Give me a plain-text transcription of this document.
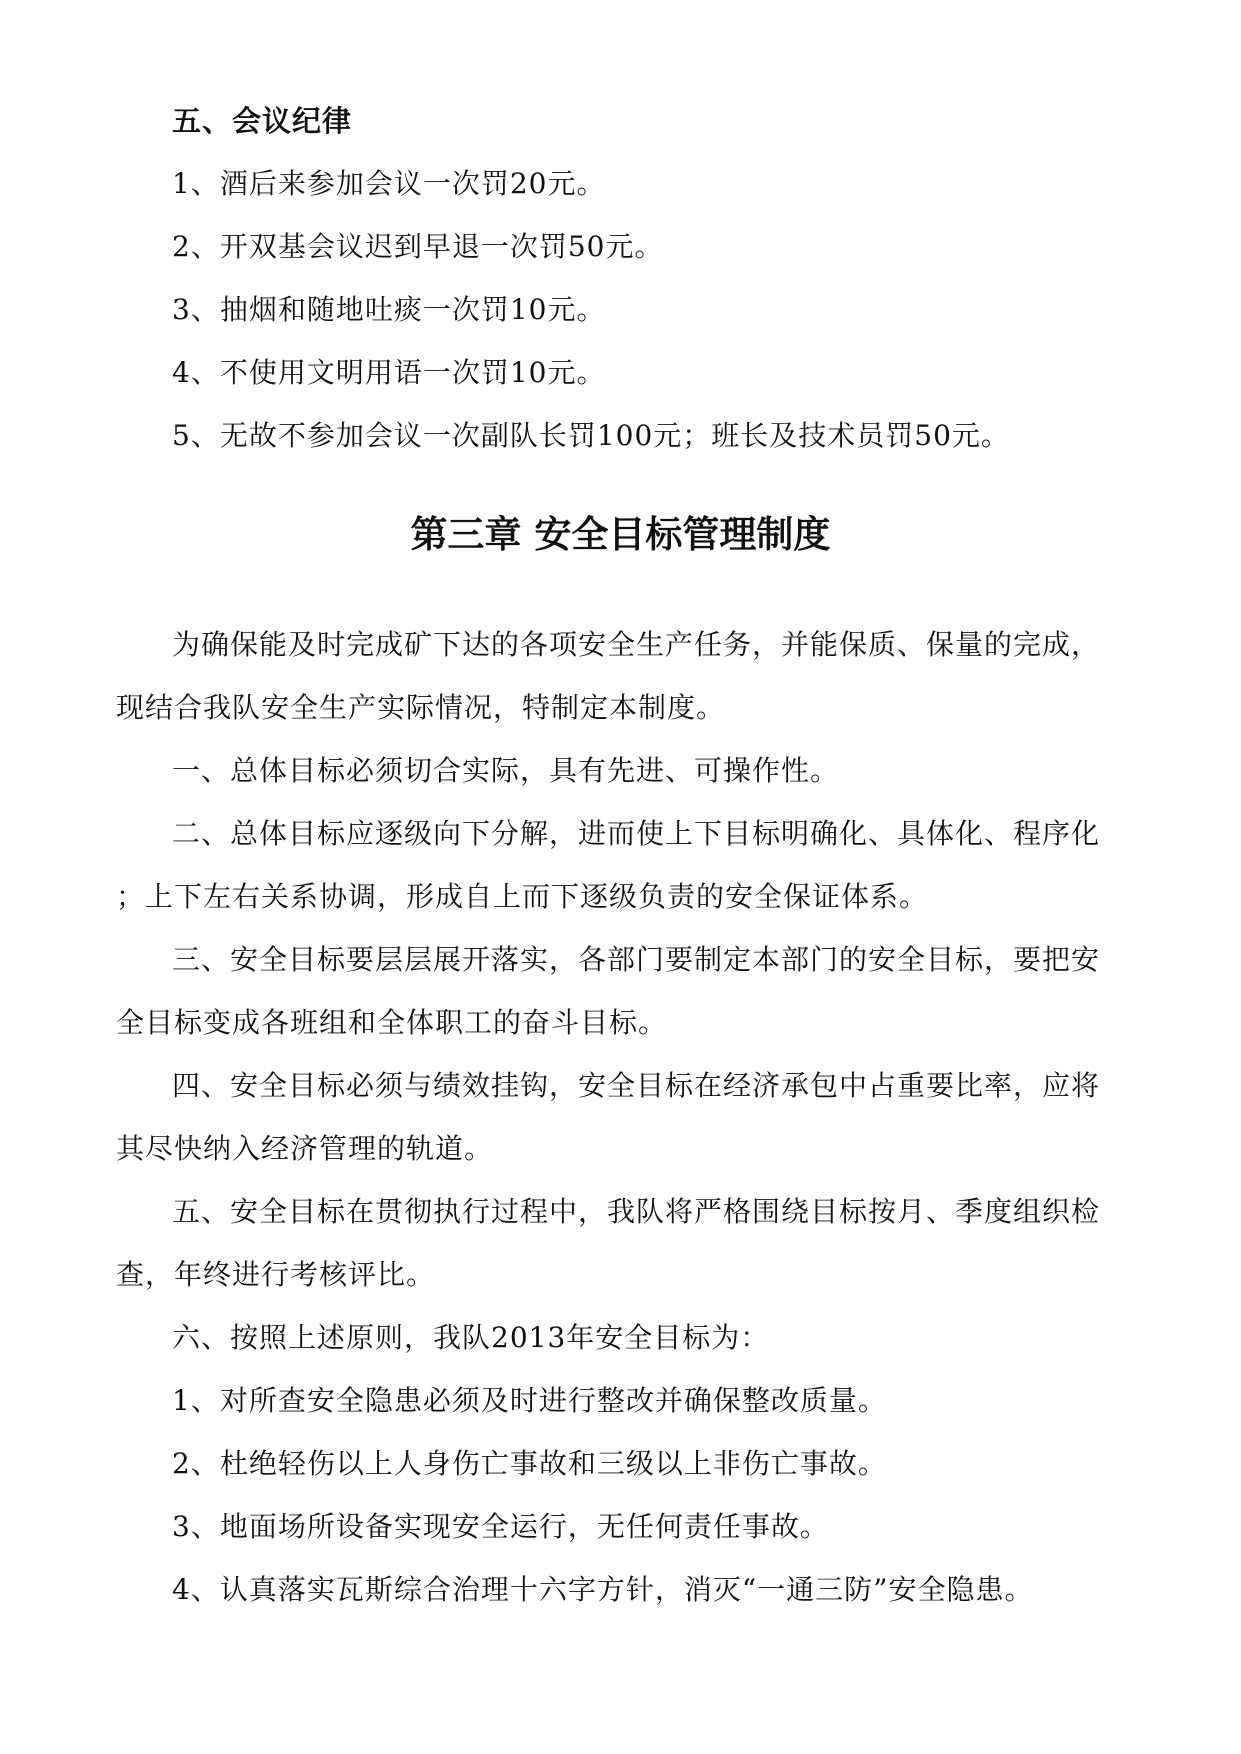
五、会议纪律
1、酒后来参加会议一次罚20元。
2、开双基会议迟到早退一次罚50元。
3、抽烟和随地吐痰一次罚10元。
4、不使用文明用语一次罚10元。
5、无故不参加会议一次副队长罚100元；班长及技术员罚50元。
第三章 安全目标管理制度
为确保能及时完成矿下达的各项安全生产任务，并能保质、保量的完成，
现结合我队安全生产实际情况，特制定本制度。
一、总体目标必须切合实际，具有先进、可操作性。
二、总体目标应逐级向下分解，进而使上下目标明确化、具体化、程序化
；上下左右关系协调，形成自上而下逐级负责的安全保证体系。
三、安全目标要层层展开落实，各部门要制定本部门的安全目标，要把安
全目标变成各班组和全体职工的奋斗目标。
四、安全目标必须与绩效挂钩，安全目标在经济承包中占重要比率，应将
其尽快纳入经济管理的轨道。
五、安全目标在贯彻执行过程中，我队将严格围绕目标按月、季度组织检
查，年终进行考核评比。
六、按照上述原则，我队2013年安全目标为：
1、对所查安全隐患必须及时进行整改并确保整改质量。
2、杜绝轻伤以上人身伤亡事故和三级以上非伤亡事故。
3、地面场所设备实现安全运行，无任何责任事故。
4、认真落实瓦斯综合治理十六字方针，消灭“一通三防”安全隐患。
